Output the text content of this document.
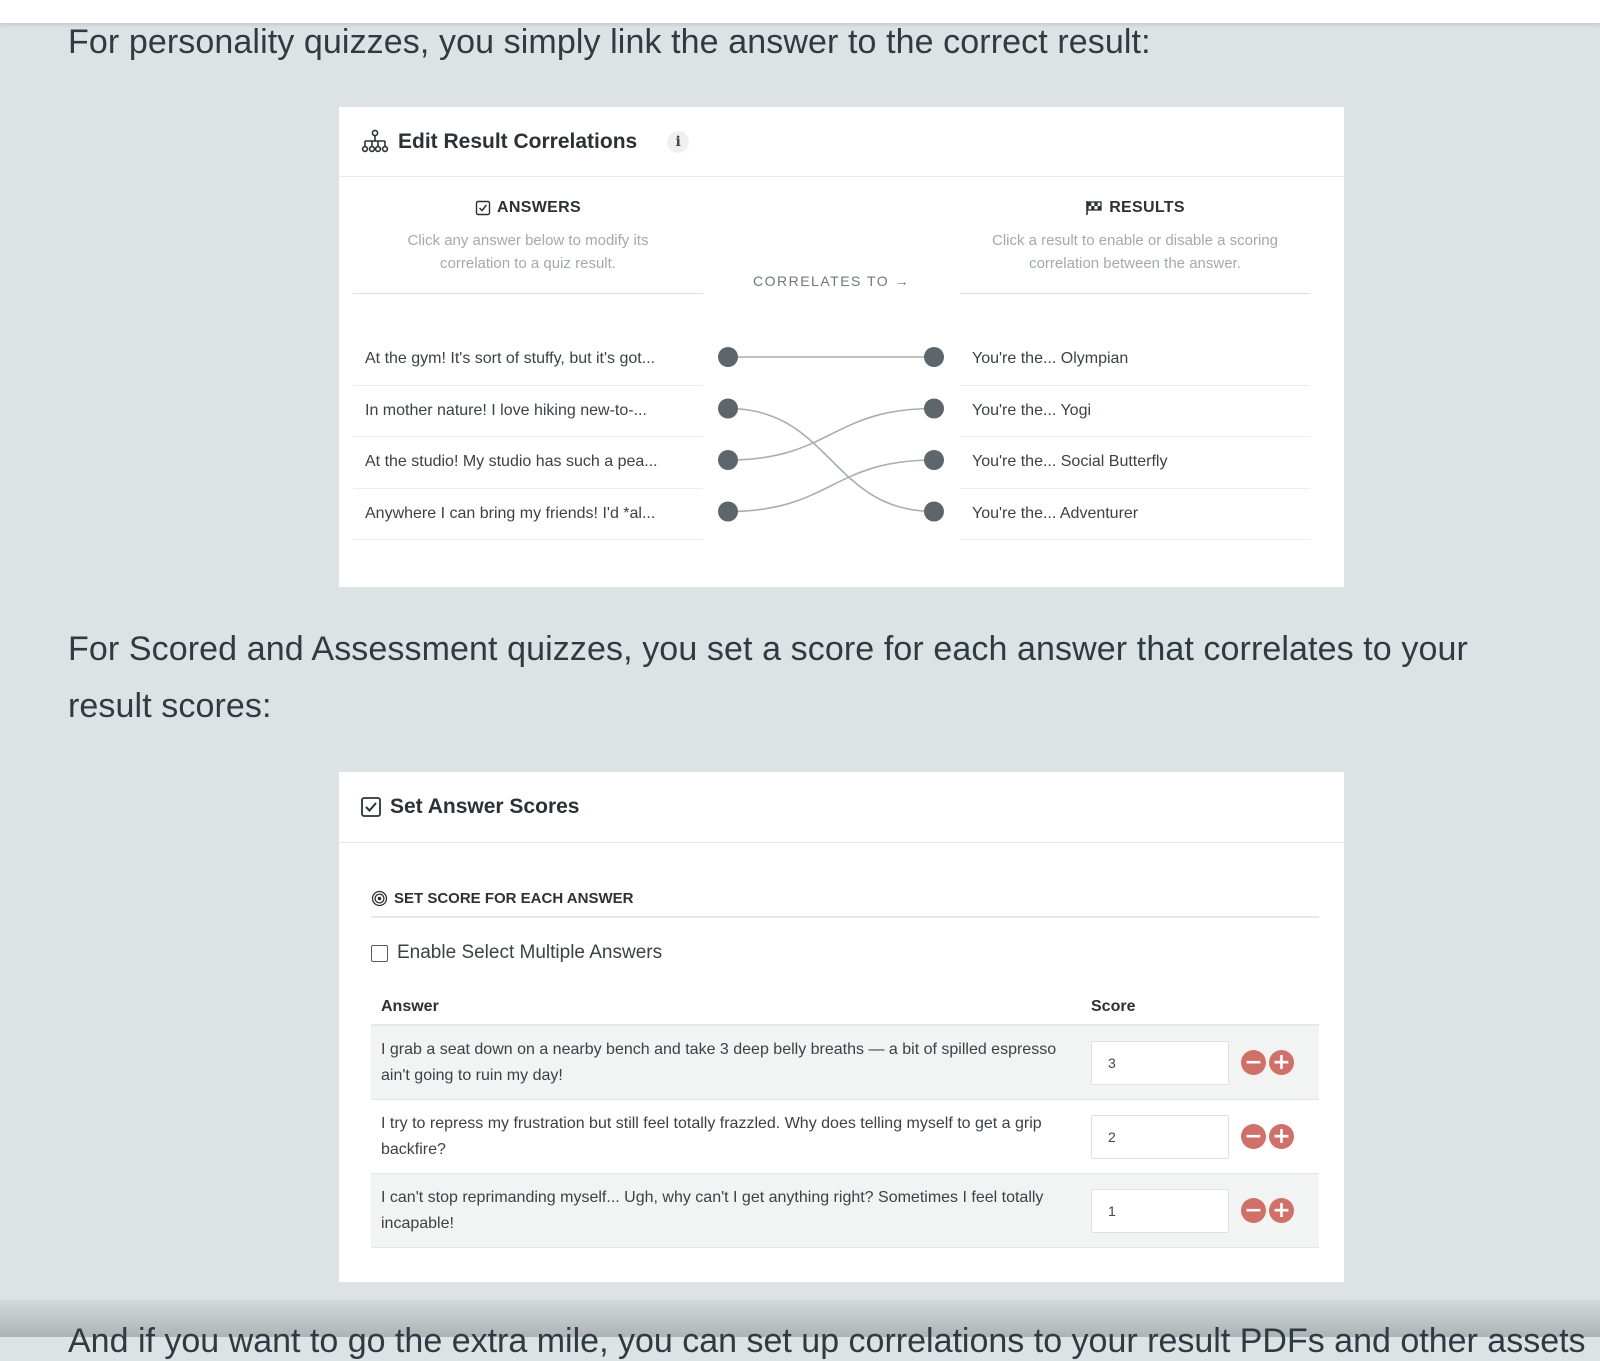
For personality quizzes, you simply link the answer to the correct result:

Edit Result Correlations	i
ANSWERS
Click any answer below to modify its correlation to a quiz result.
CORRELATES TO →
RESULTS
Click a result to enable or disable a scoring correlation between the answer.
At the gym! It's sort of stuffy, but it's got...
In mother nature! I love hiking new-to-...
At the studio! My studio has such a pea...
Anywhere I can bring my friends! I'd *al...
You're the... Olympian
You're the... Yogi
You're the... Social Butterfly
You're the... Adventurer

For Scored and Assessment quizzes, you set a score for each answer that correlates to your result scores:

Set Answer Scores
SET SCORE FOR EACH ANSWER
Enable Select Multiple Answers
Answer	Score
I grab a seat down on a nearby bench and take 3 deep belly breaths — a bit of spilled espresso ain't going to ruin my day!
3	− +
I try to repress my frustration but still feel totally frazzled. Why does telling myself to get a grip backfire?
2	− +
I can't stop reprimanding myself... Ugh, why can't I get anything right? Sometimes I feel totally incapable!
1	− +
And if you want to go the extra mile, you can set up correlations to your result PDFs and other assets
